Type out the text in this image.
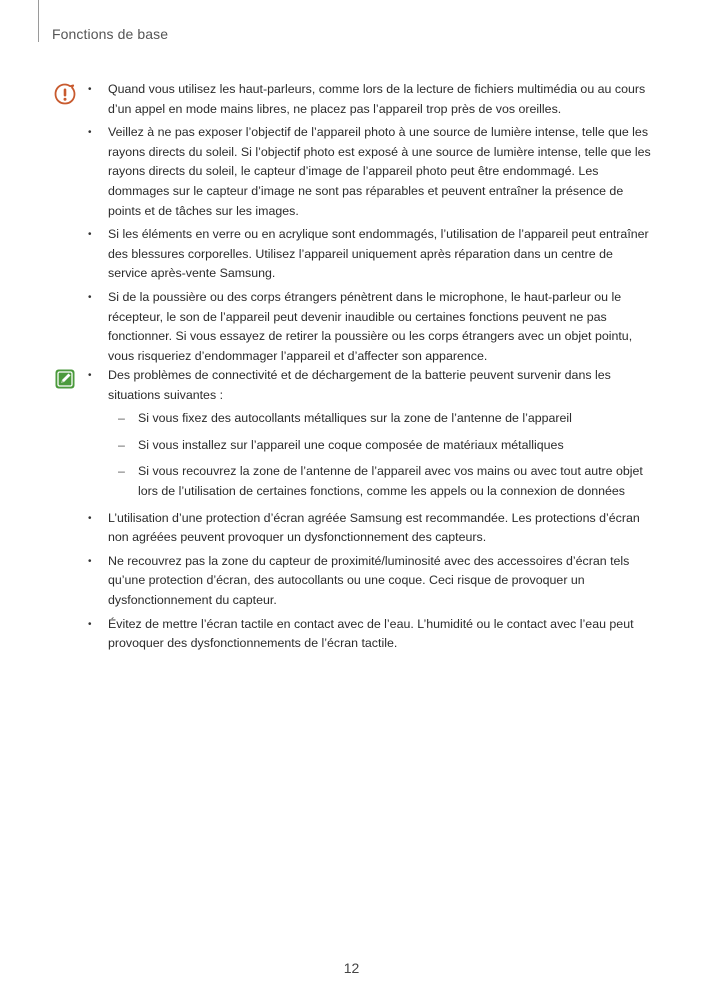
Fonctions de base
• Quand vous utilisez les haut-parleurs, comme lors de la lecture de fichiers multimédia ou au cours d’un appel en mode mains libres, ne placez pas l’appareil trop près de vos oreilles.
• Veillez à ne pas exposer l’objectif de l’appareil photo à une source de lumière intense, telle que les rayons directs du soleil. Si l’objectif photo est exposé à une source de lumière intense, telle que les rayons directs du soleil, le capteur d’image de l’appareil photo peut être endommagé. Les dommages sur le capteur d’image ne sont pas réparables et peuvent entraîner la présence de points et de tâches sur les images.
• Si les éléments en verre ou en acrylique sont endommagés, l’utilisation de l’appareil peut entraîner des blessures corporelles. Utilisez l’appareil uniquement après réparation dans un centre de service après-vente Samsung.
• Si de la poussière ou des corps étrangers pénètrent dans le microphone, le haut-parleur ou le récepteur, le son de l’appareil peut devenir inaudible ou certaines fonctions peuvent ne pas fonctionner. Si vous essayez de retirer la poussière ou les corps étrangers avec un objet pointu, vous risqueriez d’endommager l’appareil et d’affecter son apparence.
• Des problèmes de connectivité et de déchargement de la batterie peuvent survenir dans les situations suivantes :
– Si vous fixez des autocollants métalliques sur la zone de l’antenne de l’appareil
– Si vous installez sur l’appareil une coque composée de matériaux métalliques
– Si vous recouvrez la zone de l’antenne de l’appareil avec vos mains ou avec tout autre objet lors de l’utilisation de certaines fonctions, comme les appels ou la connexion de données
• L’utilisation d’une protection d’écran agréée Samsung est recommandée. Les protections d’écran non agréées peuvent provoquer un dysfonctionnement des capteurs.
• Ne recouvrez pas la zone du capteur de proximité/luminosité avec des accessoires d’écran tels qu’une protection d’écran, des autocollants ou une coque. Ceci risque de provoquer un dysfonctionnement du capteur.
• Évitez de mettre l’écran tactile en contact avec de l’eau. L’humidité ou le contact avec l’eau peut provoquer des dysfonctionnements de l’écran tactile.
12
